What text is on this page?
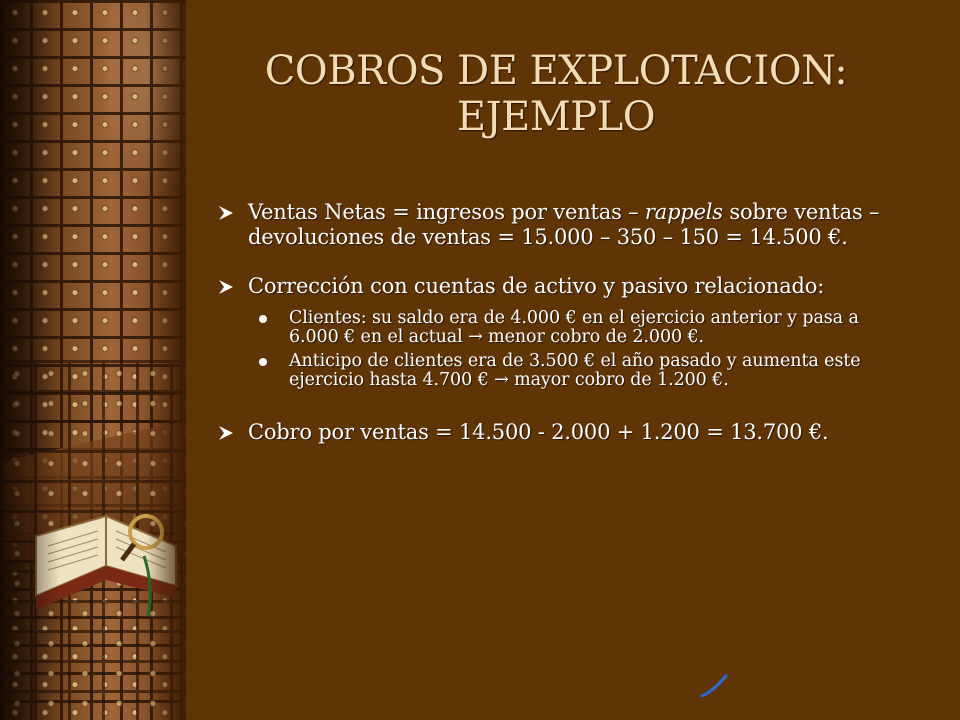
COBROS DE EXPLOTACION:
EJEMPLO
Ventas Netas = ingresos por ventas – rappels sobre ventas – devoluciones de ventas = 15.000 – 350 – 150 = 14.500 €.
Corrección con cuentas de activo y pasivo relacionado:
Clientes: su saldo era de 4.000 € en el ejercicio anterior y pasa a 6.000 € en el actual → menor cobro de 2.000 €.
Anticipo de clientes era de 3.500 € el año pasado y aumenta este ejercicio hasta 4.700 € → mayor cobro de 1.200 €.
Cobro por ventas = 14.500 - 2.000 + 1.200 = 13.700 €.
